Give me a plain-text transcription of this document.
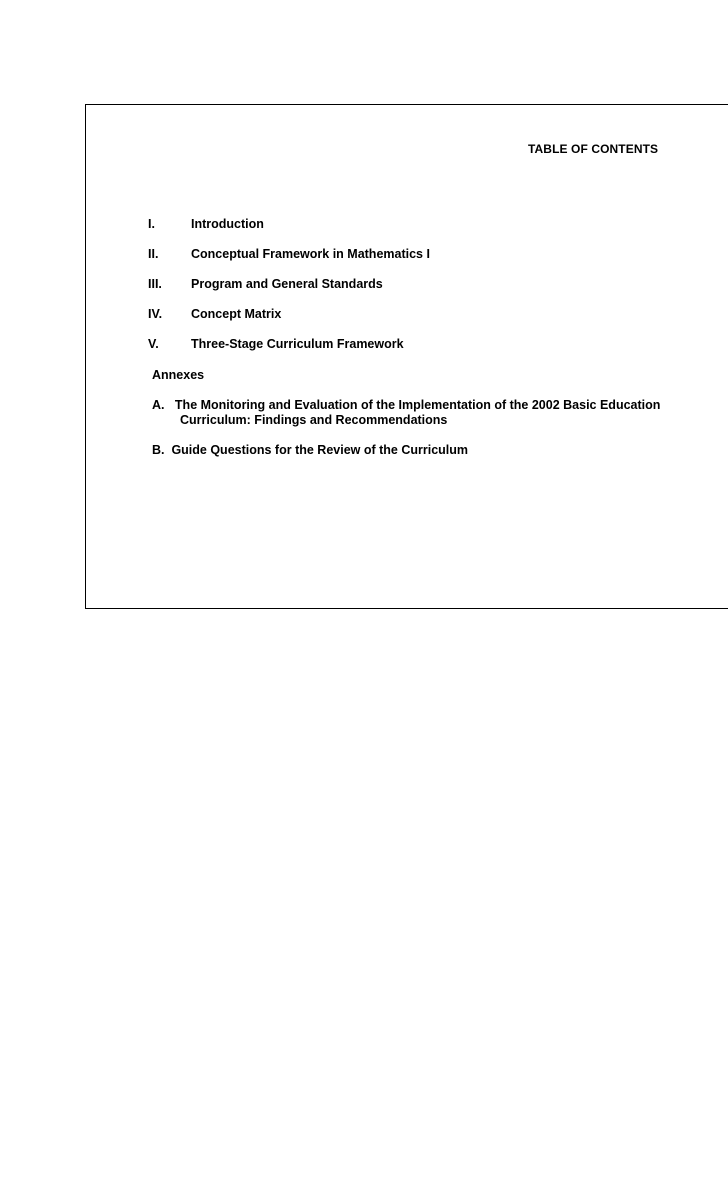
TABLE OF CONTENTS
I.	Introduction
II.	Conceptual Framework in Mathematics I
III. Program and General Standards
IV. Concept Matrix
V.	Three-Stage Curriculum Framework
Annexes
A.   The Monitoring and Evaluation of the Implementation of the 2002 Basic Education
Curriculum: Findings and Recommendations
B.  Guide Questions for the Review of the Curriculum
